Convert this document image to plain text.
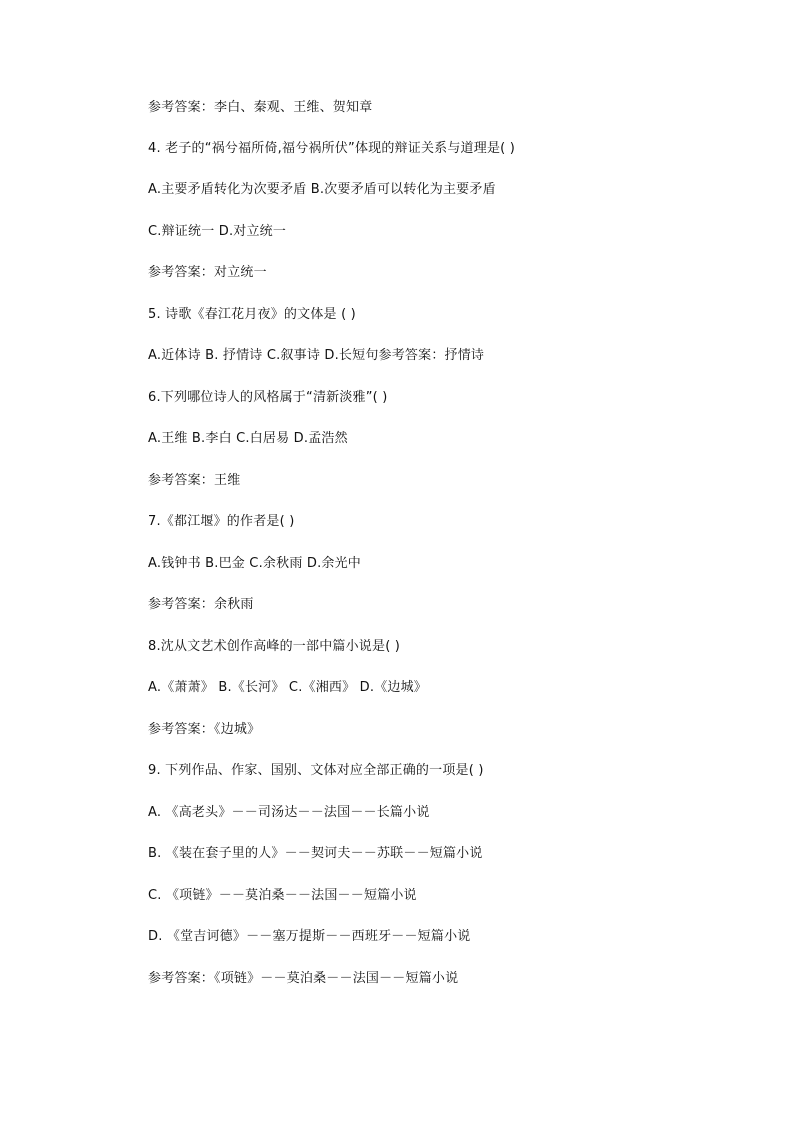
参考答案：李白、秦观、王维、贺知章
4. 老子的“祸兮福所倚,福兮祸所伏”体现的辩证关系与道理是( )
A.主要矛盾转化为次要矛盾 B.次要矛盾可以转化为主要矛盾
C.辩证统一 D.对立统一
参考答案：对立统一
5. 诗歌《春江花月夜》的文体是 ( )
A.近体诗 B. 抒情诗 C.叙事诗 D.长短句参考答案：抒情诗
6.下列哪位诗人的风格属于“清新淡雅”( )
A.王维 B.李白 C.白居易 D.孟浩然
参考答案：王维
7.《都江堰》的作者是( )
A.钱钟书 B.巴金 C.余秋雨 D.余光中
参考答案：余秋雨
8.沈从文艺术创作高峰的一部中篇小说是( )
A.《萧萧》 B.《长河》 C.《湘西》 D.《边城》
参考答案：《边城》
9. 下列作品、作家、国别、文体对应全部正确的一项是( )
A. 《高老头》－－司汤达－－法国－－长篇小说
B. 《装在套子里的人》－－契诃夫－－苏联－－短篇小说
C. 《项链》－－莫泊桑－－法国－－短篇小说
D. 《堂吉诃德》－－塞万提斯－－西班牙－－短篇小说
参考答案：《项链》－－莫泊桑－－法国－－短篇小说
